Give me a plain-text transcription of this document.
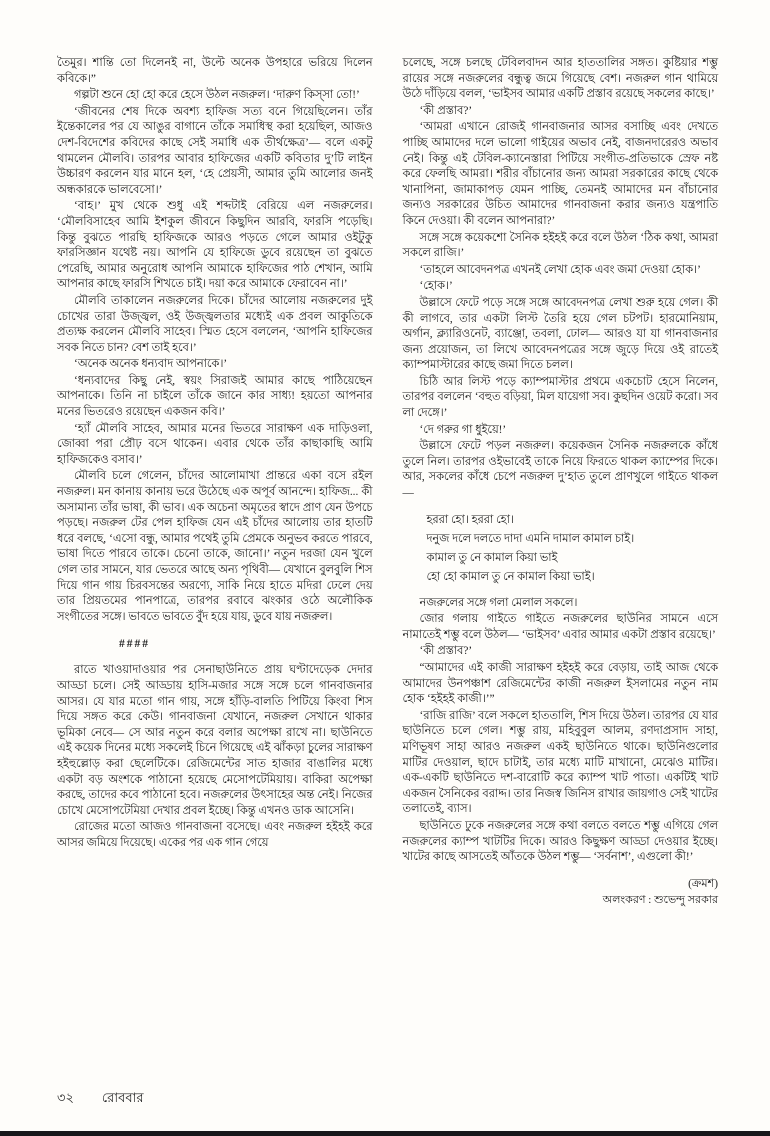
তৈমুর। শান্তি তো দিলেনই না, উল্টে অনেক উপহারে ভরিয়ে দিলেন কবিকে।”

গল্পটা শুনে হো হো করে হেসে উঠল নজরুল। ‘দারুণ কিস্সা তো!’

‘জীবনের শেষ দিকে অবশ্য হাফিজ সত্য বনে গিয়েছিলেন। তাঁর ইন্তেকালের পর যে আঙুর বাগানে তাঁকে সমাধিস্থ করা হয়েছিল, আজও দেশ-বিদেশের কবিদের কাছে সেই সমাধি এক তীর্থক্ষেত্র’— বলে একটু থামলেন মৌলবি। তারপর আবার হাফিজের একটি কবিতার দু’টি লাইন উচ্চারণ করলেন যার মানে হল, ‘হে প্রেয়সী, আমার তুমি আলোর জনই অন্ধকারকে ভালবেসো।’

‘বাহ।’ মুখ থেকে শুধু এই শব্দটাই বেরিয়ে এল নজরুলের। ‘মৌলবিসাহেব আমি ইশকুল জীবনে কিছুদিন আরবি, ফারসি পড়েছি। কিন্তু বুঝতে পারছি হাফিজকে আরও পড়তে গেলে আমার ওইটুকু ফারসিজ্ঞান যথেষ্ট নয়। আপনি যে হাফিজে ডুবে রয়েছেন তা বুঝতে পেরেছি, আমার অনুরোধ আপনি আমাকে হাফিজের পাঠ শেখান, আমি আপনার কাছে ফারসি শিখতে চাই। দয়া করে আমাকে ফেরাবেন না।’

মৌলবি তাকালেন নজরুলের দিকে। চাঁদের আলোয় নজরুলের দুই চোখের তারা উজ্জ্বল, ওই উজ্জ্বলতার মধ্যেই এক প্রবল আকুতিকে প্রত্যক্ষ করলেন মৌলবি সাহেব। স্মিত হেসে বললেন, ‘আপনি হাফিজের সবক নিতে চান? বেশ তাই হবে।’

‘অনেক অনেক ধন্যবাদ আপনাকে।’

‘ধন্যবাদের কিছু নেই, স্বয়ং সিরাজই আমার কাছে পাঠিয়েছেন আপনাকে। তিনি না চাইলে তাঁকে জানে কার সাধ্য! হয়তো আপনার মনের ভিতরেও রয়েছেন একজন কবি।’

‘হ্যাঁ মৌলবি সাহেব, আমার মনের ভিতরে সারাক্ষণ এক দাড়িওলা, জোব্বা পরা প্রৌঢ় বসে থাকেন। এবার থেকে তাঁর কাছাকাছি আমি হাফিজকেও বসাব।’

মৌলবি চলে গেলেন, চাঁদের আলোমাখা প্রান্তরে একা বসে রইল নজরুল। মন কানায় কানায় ভরে উঠেছে এক অপূর্ব আনন্দে। হাফিজ... কী অসামান্য তাঁর ভাষা, কী ভাব। এক অচেনা অমৃতের স্বাদে প্রাণ যেন উপচে পড়ছে। নজরুল টের পেল হাফিজ যেন এই চাঁদের আলোয় তার হাতটি ধরে বলছে, ‘এসো বন্ধু, আমার পথেই তুমি প্রেমকে অনুভব করতে পারবে, ভাষা দিতে পারবে তাকে। চেনো তাকে, জানো।’ নতুন দরজা যেন খুলে গেল তার সামনে, যার ভেতরে আছে অন্য পৃথিবী— যেখানে বুলবুলি শিস দিয়ে গান গায় চিরবসন্তের অরণ্যে, সাকি নিয়ে হাতে মদিরা ঢেলে দেয় তার প্রিয়তমের পানপাত্রে, তারপর রবাবে ঝংকার ওঠে অলৌকিক সংগীতের সঙ্গে। ভাবতে ভাবতে বুঁদ হয়ে যায়, ডুবে যায় নজরুল।

####

রাতে খাওয়াদাওয়ার পর সেনাছাউনিতে প্রায় ঘণ্টাদেড়েক দেদার আড্ডা চলে। সেই আড্ডায় হাসি-মজার সঙ্গে সঙ্গে চলে গানবাজনার আসর। যে যার মতো গান গায়, সঙ্গে হাঁড়ি-বালতি পিটিয়ে কিংবা শিস দিয়ে সঙ্গত করে কেউ। গানবাজনা যেখানে, নজরুল সেখানে থাকার ভূমিকা নেবে— সে আর নতুন করে বলার অপেক্ষা রাখে না। ছাউনিতে এই কয়েক দিনের মধ্যে সকলেই চিনে গিয়েছে এই ঝাঁকড়া চুলের সারাক্ষণ হইহুল্লোড় করা ছেলেটিকে। রেজিমেন্টের সাত হাজার বাঙালির মধ্যে একটা বড় অংশকে পাঠানো হয়েছে মেসোপটেমিয়ায়। বাকিরা অপেক্ষা করছে, তাদের কবে পাঠানো হবে। নজরুলের উৎসাহের অন্ত নেই। নিজের চোখে মেসোপটেমিয়া দেখার প্রবল ইচ্ছে। কিন্তু এখনও ডাক আসেনি।

রোজের মতো আজও গানবাজনা বসেছে। এবং নজরুল হইহই করে আসর জমিয়ে দিয়েছে। একের পর এক গান গেয়ে

চলেছে, সঙ্গে চলছে টেবিলবাদন আর হাততালির সঙ্গত। কুষ্টিয়ার শম্ভু রায়ের সঙ্গে নজরুলের বন্ধুত্ব জমে গিয়েছে বেশ। নজরুল গান থামিয়ে উঠে দাঁড়িয়ে বলল, ‘ভাইসব আমার একটি প্রস্তাব রয়েছে সকলের কাছে।’

‘কী প্রস্তাব?’

‘আমরা এখানে রোজই গানবাজনার আসর বসাচ্ছি এবং দেখতে পাচ্ছি আমাদের দলে ভালো গাইয়ের অভাব নেই, বাজনদারেরও অভাব নেই। কিন্তু এই টেবিল-ক্যানেস্তারা পিটিয়ে সংগীত-প্রতিভাকে স্রেফ নষ্ট করে ফেলছি আমরা। শরীর বাঁচানোর জন্য আমরা সরকারের কাছে থেকে খানাপিনা, জামাকাপড় যেমন পাচ্ছি, তেমনই আমাদের মন বাঁচানোর জন্যও সরকারের উচিত আমাদের গানবাজনা করার জন্যও যন্ত্রপাতি কিনে দেওয়া। কী বলেন আপনারা?’

সঙ্গে সঙ্গে কয়েকশো সৈনিক হইহই করে বলে উঠল ‘ঠিক কথা, আমরা সকলে রাজি।’

‘তাহলে আবেদনপত্র এখনই লেখা হোক এবং জমা দেওয়া হোক।’

‘হোক।’

উল্লাসে ফেটে পড়ে সঙ্গে সঙ্গে আবেদনপত্র লেখা শুরু হয়ে গেল। কী কী লাগবে, তার একটা লিস্ট তৈরি হয়ে গেল চটপট। হারমোনিয়াম, অর্গান, ক্ল্যারিওনেট, ব্যাঞ্জো, তবলা, ঢোল— আরও যা যা গানবাজনার জন্য প্রয়োজন, তা লিখে আবেদনপত্রের সঙ্গে জুড়ে দিয়ে ওই রাতেই ক্যাম্পমাস্টারের কাছে জমা দিতে চলল।

চিঠি আর লিস্ট পড়ে ক্যাম্পমাস্টার প্রথমে একচোট হেসে নিলেন, তারপর বললেন ‘বহুত বড়িয়া, মিল যায়েগা সব। কুছদিন ওয়েট করো। সব লা দেঙ্গে।’

‘দে গরুর গা ধুইয়ে!’

উল্লাসে ফেটে পড়ল নজরুল। কয়েকজন সৈনিক নজরুলকে কাঁধে তুলে নিল। তারপর ওইভাবেই তাকে নিয়ে ফিরতে থাকল ক্যাম্পের দিকে। আর, সকলের কাঁধে চেপে নজরুল দু’হাত তুলে প্রাণখুলে গাইতে থাকল—

হররা হো। হররা হো।
দনুজ দলে দলতে দাদা এমনি দামাল কামাল চাই।
কামাল তু নে কামাল কিয়া ভাই
হো হো কামাল তু নে কামাল কিয়া ভাই।

নজরুলের সঙ্গে গলা মেলাল সকলে।

জোর গলায় গাইতে গাইতে নজরুলের ছাউনির সামনে এসে নামাতেই শম্ভু বলে উঠল— ‘ভাইসব’ এবার আমার একটা প্রস্তাব রয়েছে।’

‘কী প্রস্তাব?’

“আমাদের এই কাজী সারাক্ষণ হইহই করে বেড়ায়, তাই আজ থেকে আমাদের উনপঞ্চাশ রেজিমেন্টের কাজী নজরুল ইসলামের নতুন নাম হোক ‘হইহই কাজী।’”

‘রাজি রাজি’ বলে সকলে হাততালি, শিস দিয়ে উঠল। তারপর যে যার ছাউনিতে চলে গেল। শম্ভু রায়, মহিবুবুল আলম, রণদাপ্রসাদ সাহা, মণিভূষণ সাহা আরও নজরুল একই ছাউনিতে থাকে। ছাউনিগুলোর মাটির দেওয়াল, ছাদে চাটাই, তার মধ্যে মাটি মাখানো, মেঝেও মাটির। এক-একটি ছাউনিতে দশ-বারোটি করে ক্যাম্প খাট পাতা। একটিই খাট একজন সৈনিকের বরাদ্দ। তার নিজস্ব জিনিস রাখার জায়গাও সেই খাটের তলাতেই, ব্যাস।

ছাউনিতে ঢুকে নজরুলের সঙ্গে কথা বলতে বলতে শম্ভু এগিয়ে গেল নজরুলের ক্যাম্প খাটটির দিকে। আরও কিছুক্ষণ আড্ডা দেওয়ার ইচ্ছে। খাটের কাছে আসতেই আঁতকে উঠল শম্ভু— ‘সর্বনাশ’, এগুলো কী!’

(ক্রমশ)
অলংকরণ : শুভেন্দু সরকার
৩২ রোববার
